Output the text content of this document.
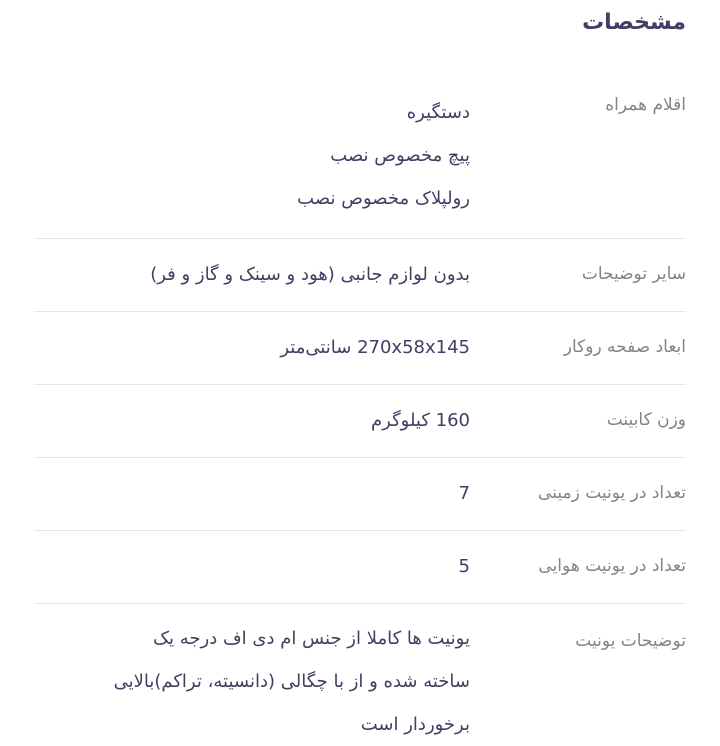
مشخصات
اقلام همراه
دستگیره
پیچ مخصوص نصب
رولپلاک مخصوص نصب
سایر توضیحات
بدون لوازم جانبی (هود و سینک و گاز و فر)
ابعاد صفحه روکار
270x58x145 سانتی‌متر
وزن کابینت
160 کیلوگرم
تعداد در یونیت زمینی
7
تعداد در یونیت هوایی
5
توضیحات یونیت
یونیت ها کاملا از جنس ام دی اف درجه یک
ساخته شده و از با چگالی (دانسیته، تراکم)بالایی
برخوردار است
